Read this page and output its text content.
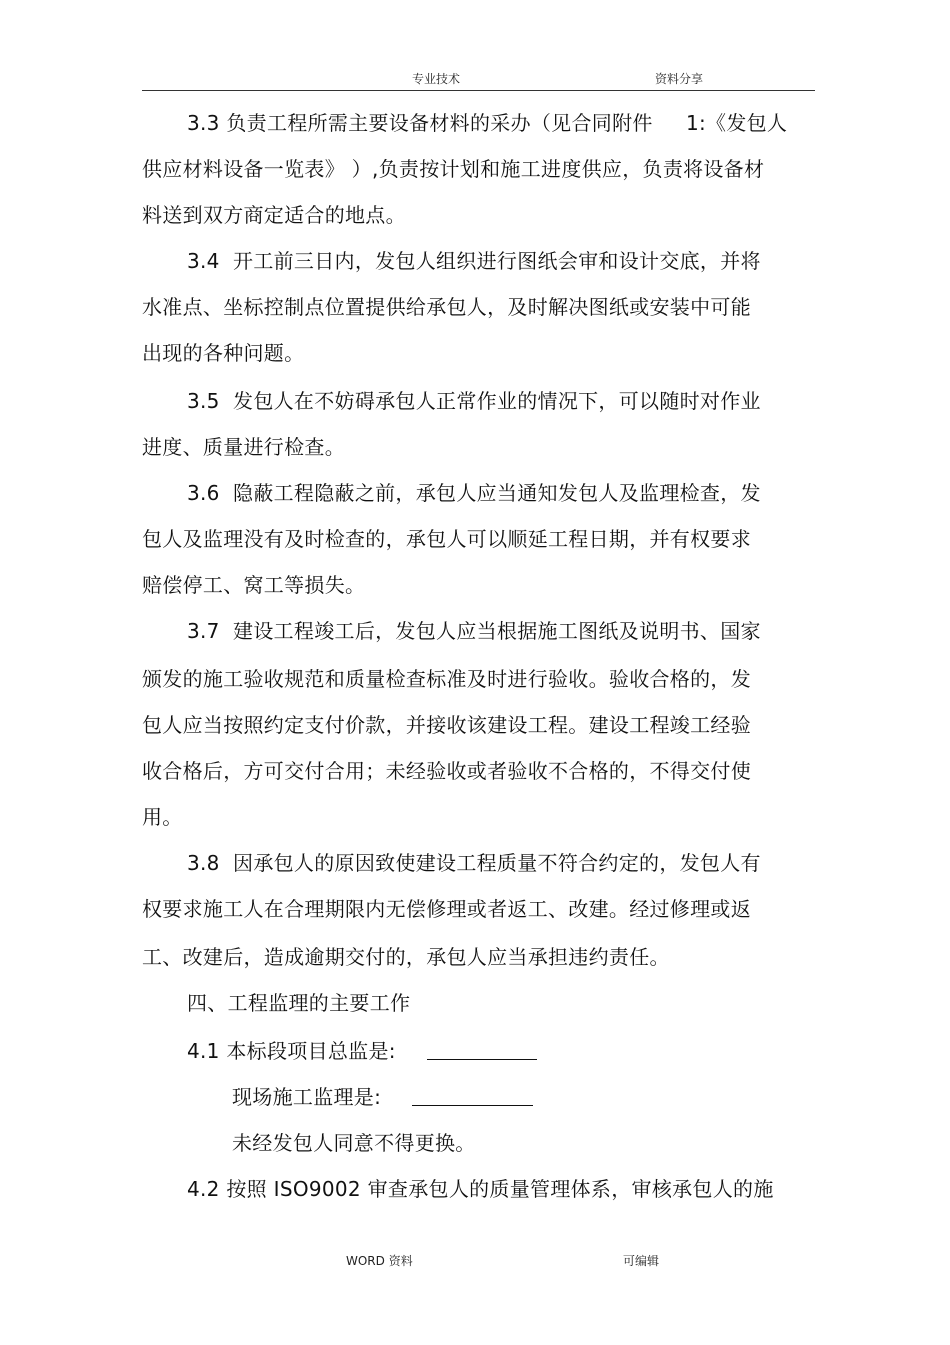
专业技术	资料分享
3.3 负责工程所需主要设备材料的采办（见合同附件     1:《发包人
供应材料设备一览表》 ）,负责按计划和施工进度供应，负责将设备材
料送到双方商定适合的地点。
3.4  开工前三日内，发包人组织进行图纸会审和设计交底，并将
水准点、坐标控制点位置提供给承包人，及时解决图纸或安装中可能
出现的各种问题。
3.5  发包人在不妨碍承包人正常作业的情况下，可以随时对作业
进度、质量进行检查。
3.6  隐蔽工程隐蔽之前，承包人应当通知发包人及监理检查，发
包人及监理没有及时检查的，承包人可以顺延工程日期，并有权要求
赔偿停工、窝工等损失。
3.7  建设工程竣工后，发包人应当根据施工图纸及说明书、国家
颁发的施工验收规范和质量检查标准及时进行验收。验收合格的，发
包人应当按照约定支付价款，并接收该建设工程。建设工程竣工经验
收合格后，方可交付合用；未经验收或者验收不合格的，不得交付使
用。
3.8  因承包人的原因致使建设工程质量不符合约定的，发包人有
权要求施工人在合理期限内无偿修理或者返工、改建。经过修理或返
工、改建后，造成逾期交付的，承包人应当承担违约责任。
四、工程监理的主要工作
4.1 本标段项目总监是:
现场施工监理是:
未经发包人同意不得更换。
4.2 按照 ISO9002 审查承包人的质量管理体系，审核承包人的施
WORD 资料	可编辑
